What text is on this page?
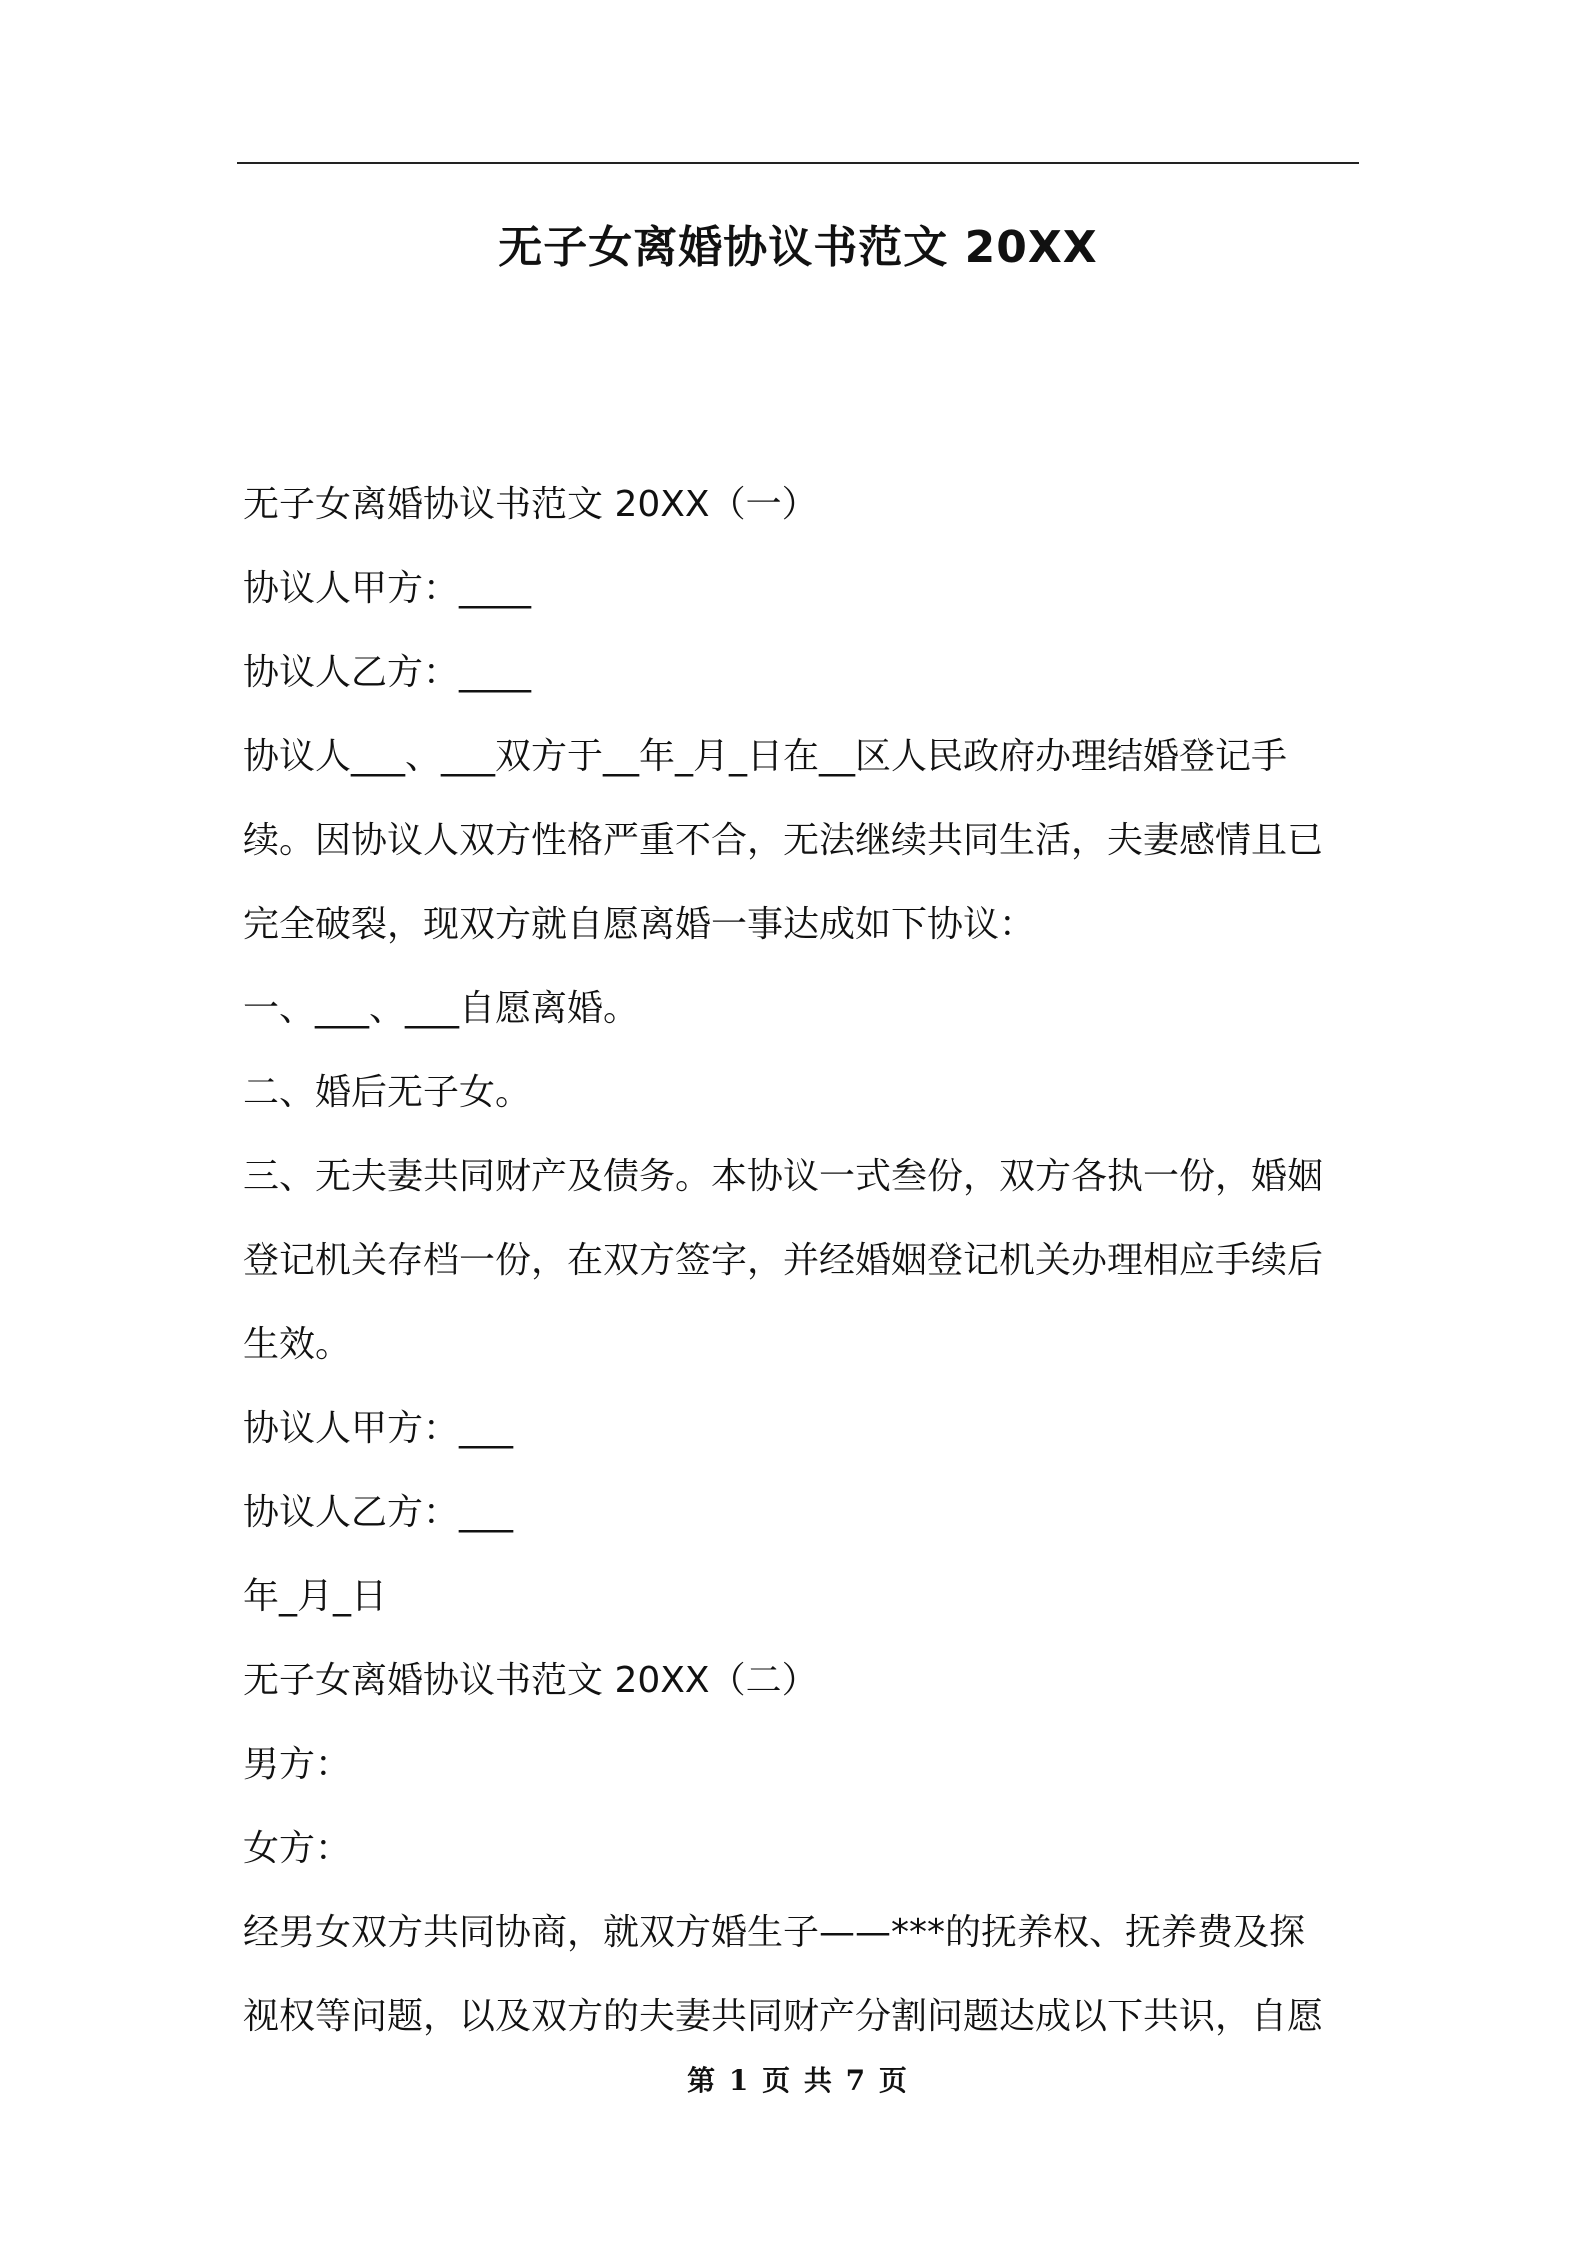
无子女离婚协议书范文 20XX

无子女离婚协议书范文 20XX（一）

协议人甲方：____

协议人乙方：____

协议人___、___双方于__年_月_日在__区人民政府办理结婚登记手
续。因协议人双方性格严重不合，无法继续共同生活，夫妻感情且已
完全破裂，现双方就自愿离婚一事达成如下协议：

一、___、___自愿离婚。

二、婚后无子女。

三、无夫妻共同财产及债务。本协议一式叁份，双方各执一份，婚姻
登记机关存档一份，在双方签字，并经婚姻登记机关办理相应手续后
生效。

协议人甲方：___

协议人乙方：___

年_月_日

无子女离婚协议书范文 20XX（二）

男方：

女方：

经男女双方共同协商，就双方婚生子——***的抚养权、抚养费及探
视权等问题，以及双方的夫妻共同财产分割问题达成以下共识，自愿

第 1 页 共 7 页
